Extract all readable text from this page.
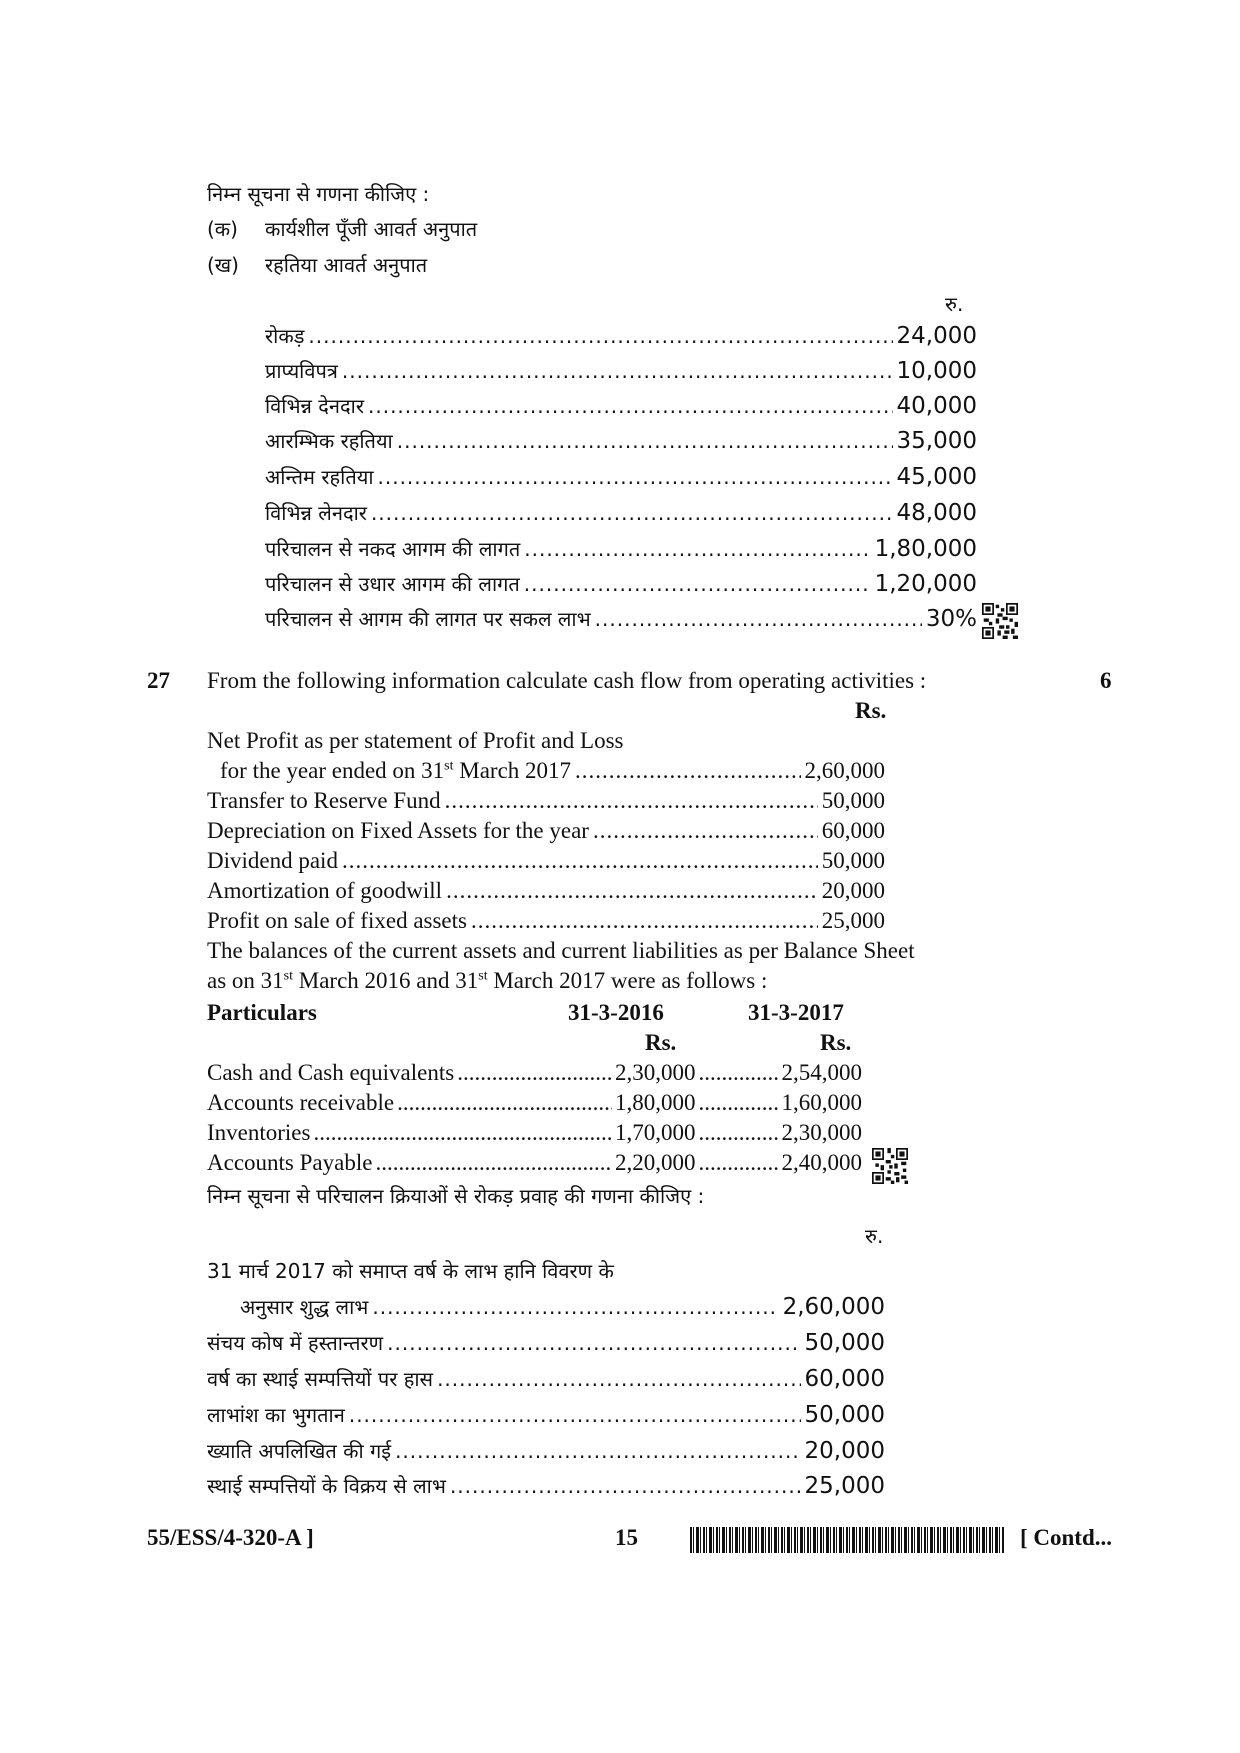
निम्न सूचना से गणना कीजिए :
(क) कार्यशील पूँजी आवर्त अनुपात
(ख) रहतिया आवर्त अनुपात
रु.
रोकड़ .....	24,000
प्राप्यविपत्र .....	10,000
विभिन्न देनदार .....	40,000
आरम्भिक रहतिया .....	35,000
अन्तिम रहतिया .....	45,000
विभिन्न लेनदार .....	48,000
परिचालन से नकद आगम की लागत .....	1,80,000
परिचालन से उधार आगम की लागत .....	1,20,000
परिचालन से आगम की लागत पर सकल लाभ .....	30%
27 From the following information calculate cash flow from operating activities :	6
Rs.
Net Profit as per statement of Profit and Loss
for the year ended on 31st March 2017 .....	2,60,000
Transfer to Reserve Fund .....	50,000
Depreciation on Fixed Assets for the year .....	60,000
Dividend paid .....	50,000
Amortization of goodwill .....	20,000
Profit on sale of fixed assets .....	25,000
The balances of the current assets and current liabilities as per Balance Sheet
as on 31st March 2016 and 31st March 2017 were as follows :
Particulars	31-3-2016	31-3-2017
Rs.	Rs.
Cash and Cash equivalents .....	2,30,000 .....	2,54,000
Accounts receivable .....	1,80,000 .....	1,60,000
Inventories .....	1,70,000 .....	2,30,000
Accounts Payable .....	2,20,000 .....	2,40,000
निम्न सूचना से परिचालन क्रियाओं से रोकड़ प्रवाह की गणना कीजिए :
रु.
31 मार्च 2017 को समाप्त वर्ष के लाभ हानि विवरण के
अनुसार शुद्ध लाभ .....	2,60,000
संचय कोष में हस्तान्तरण .....	50,000
वर्ष का स्थाई सम्पत्तियों पर हास .....	60,000
लाभांश का भुगतान .....	50,000
ख्याति अपलिखित की गई .....	20,000
स्थाई सम्पत्तियों के विक्रय से लाभ .....	25,000
55/ESS/4-320-A ]	15	[ Contd...
